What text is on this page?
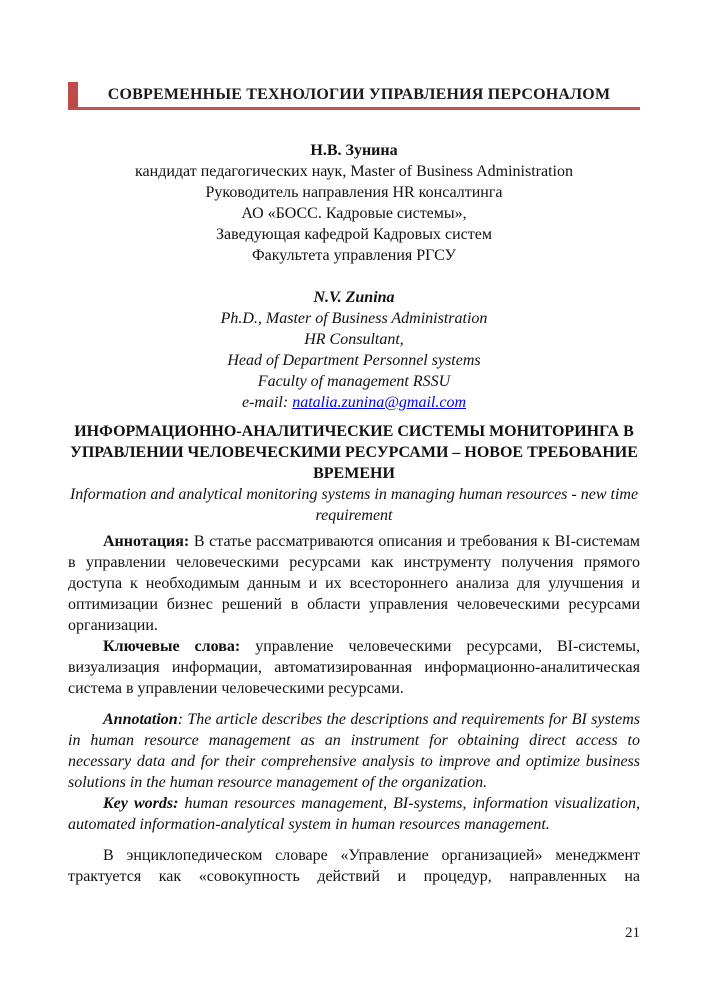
СОВРЕМЕННЫЕ ТЕХНОЛОГИИ УПРАВЛЕНИЯ ПЕРСОНАЛОМ
Н.В. Зунина
кандидат педагогических наук, Master of Business Administration
Руководитель направления HR консалтинга
АО «БОСС. Кадровые системы»,
Заведующая кафедрой Кадровых систем
Факультета управления РГСУ
N.V. Zunina
Ph.D., Master of Business Administration
HR Consultant,
Head of Department Personnel systems
Faculty of management RSSU
e-mail: natalia.zunina@gmail.com
ИНФОРМАЦИОННО-АНАЛИТИЧЕСКИЕ СИСТЕМЫ МОНИТОРИНГА В УПРАВЛЕНИИ ЧЕЛОВЕЧЕСКИМИ РЕСУРСАМИ – НОВОЕ ТРЕБОВАНИЕ ВРЕМЕНИ
Information and analytical monitoring systems in managing human resources - new time requirement

Аннотация: В статье рассматриваются описания и требования к BI-системам в управлении человеческими ресурсами как инструменту получения прямого доступа к необходимым данным и их всестороннего анализа для улучшения и оптимизации бизнес решений в области управления человеческими ресурсами организации.

Ключевые слова: управление человеческими ресурсами, BI-системы, визуализация информации, автоматизированная информационно-аналитическая система в управлении человеческими ресурсами.

Annotation: The article describes the descriptions and requirements for BI systems in human resource management as an instrument for obtaining direct access to necessary data and for their comprehensive analysis to improve and optimize business solutions in the human resource management of the organization.

Key words: human resources management, BI-systems, information visualization, automated information-analytical system in human resources management.

В энциклопедическом словаре «Управление организацией» менеджмент трактуется как «совокупность действий и процедур, направленных на

21
